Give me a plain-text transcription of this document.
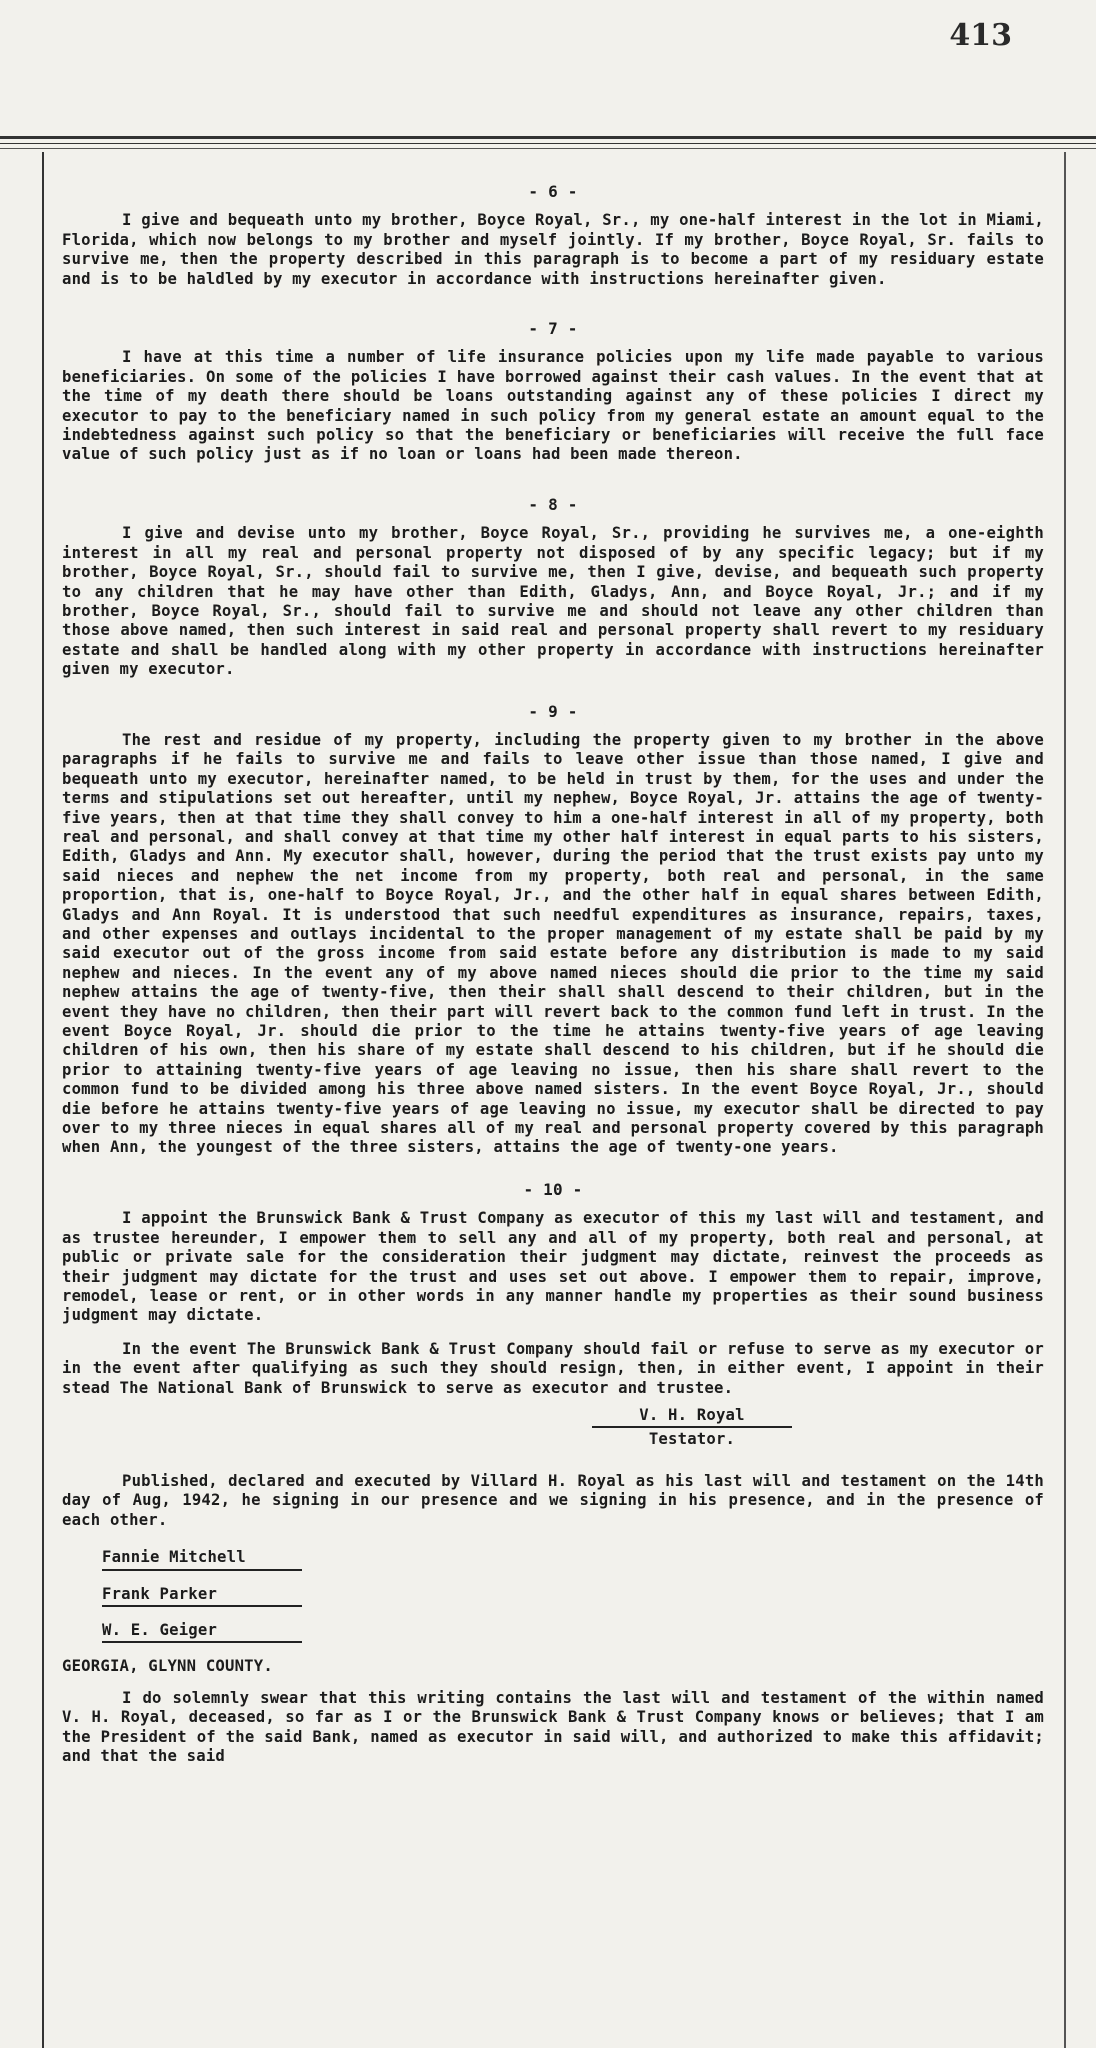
413
- 6 -

I give and bequeath unto my brother, Boyce Royal, Sr., my one-half interest in the lot in Miami, Florida, which now belongs to my brother and myself jointly. If my brother, Boyce Royal, Sr. fails to survive me, then the property described in this paragraph is to become a part of my residuary estate and is to be haldled by my executor in accordance with instructions hereinafter given.

- 7 -

I have at this time a number of life insurance policies upon my life made payable to various beneficiaries. On some of the policies I have borrowed against their cash values. In the event that at the time of my death there should be loans outstanding against any of these policies I direct my executor to pay to the beneficiary named in such policy from my general estate an amount equal to the indebtedness against such policy so that the beneficiary or beneficiaries will receive the full face value of such policy just as if no loan or loans had been made thereon.

- 8 -

I give and devise unto my brother, Boyce Royal, Sr., providing he survives me, a one-eighth interest in all my real and personal property not disposed of by any specific legacy; but if my brother, Boyce Royal, Sr., should fail to survive me, then I give, devise, and bequeath such property to any children that he may have other than Edith, Gladys, Ann, and Boyce Royal, Jr.; and if my brother, Boyce Royal, Sr., should fail to survive me and should not leave any other children than those above named, then such interest in said real and personal property shall revert to my residuary estate and shall be handled along with my other property in accordance with instructions hereinafter given my executor.

- 9 -

The rest and residue of my property, including the property given to my brother in the above paragraphs if he fails to survive me and fails to leave other issue than those named, I give and bequeath unto my executor, hereinafter named, to be held in trust by them, for the uses and under the terms and stipulations set out hereafter, until my nephew, Boyce Royal, Jr. attains the age of twenty-five years, then at that time they shall convey to him a one-half interest in all of my property, both real and personal, and shall convey at that time my other half interest in equal parts to his sisters, Edith, Gladys and Ann. My executor shall, however, during the period that the trust exists pay unto my said nieces and nephew the net income from my property, both real and personal, in the same proportion, that is, one-half to Boyce Royal, Jr., and the other half in equal shares between Edith, Gladys and Ann Royal. It is understood that such needful expenditures as insurance, repairs, taxes, and other expenses and outlays incidental to the proper management of my estate shall be paid by my said executor out of the gross income from said estate before any distribution is made to my said nephew and nieces. In the event any of my above named nieces should die prior to the time my said nephew attains the age of twenty-five, then their shall shall descend to their children, but in the event they have no children, then their part will revert back to the common fund left in trust. In the event Boyce Royal, Jr. should die prior to the time he attains twenty-five years of age leaving children of his own, then his share of my estate shall descend to his children, but if he should die prior to attaining twenty-five years of age leaving no issue, then his share shall revert to the common fund to be divided among his three above named sisters. In the event Boyce Royal, Jr., should die before he attains twenty-five years of age leaving no issue, my executor shall be directed to pay over to my three nieces in equal shares all of my real and personal property covered by this paragraph when Ann, the youngest of the three sisters, attains the age of twenty-one years.

- 10 -

I appoint the Brunswick Bank & Trust Company as executor of this my last will and testament, and as trustee hereunder, I empower them to sell any and all of my property, both real and personal, at public or private sale for the consideration their judgment may dictate, reinvest the proceeds as their judgment may dictate for the trust and uses set out above. I empower them to repair, improve, remodel, lease or rent, or in other words in any manner handle my properties as their sound business judgment may dictate.

In the event The Brunswick Bank & Trust Company should fail or refuse to serve as my executor or in the event after qualifying as such they should resign, then, in either event, I appoint in their stead The National Bank of Brunswick to serve as executor and trustee.

V. H. Royal
Testator.

Published, declared and executed by Villard H. Royal as his last will and testament on the 14th day of Aug, 1942, he signing in our presence and we signing in his presence, and in the presence of each other.

Fannie Mitchell
Frank Parker
W. E. Geiger
GEORGIA, GLYNN COUNTY.

I do solemnly swear that this writing contains the last will and testament of the within named V. H. Royal, deceased, so far as I or the Brunswick Bank & Trust Company knows or believes; that I am the President of the said Bank, named as executor in said will, and authorized to make this affidavit; and that the said
